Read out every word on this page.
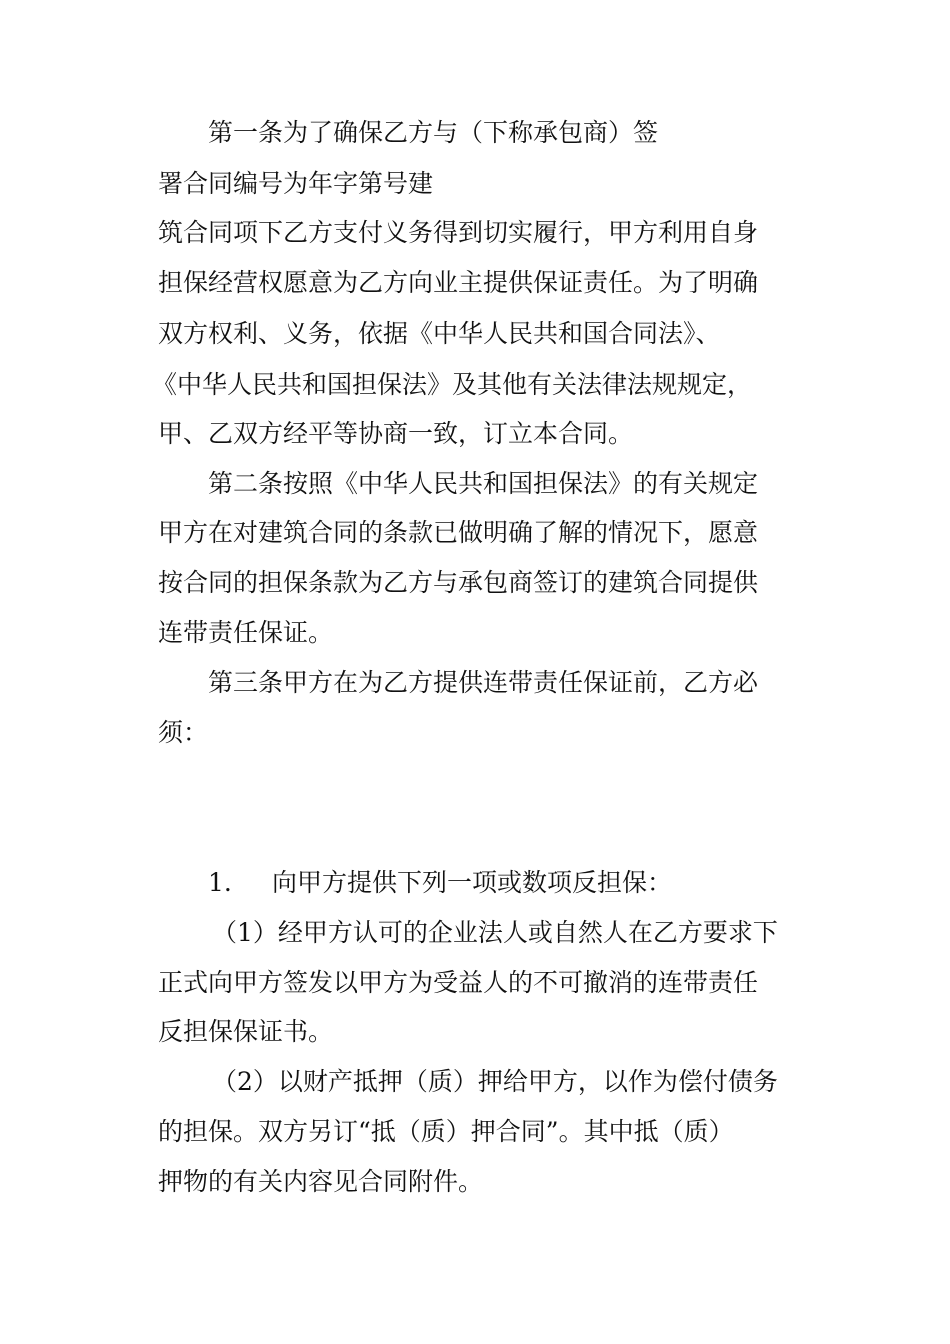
第一条为了确保乙方与（下称承包商）签
署合同编号为年字第号建
筑合同项下乙方支付义务得到切实履行，甲方利用自身
担保经营权愿意为乙方向业主提供保证责任。为了明确
双方权利、义务，依据《中华人民共和国合同法》、
《中华人民共和国担保法》及其他有关法律法规规定，
甲、乙双方经平等协商一致，订立本合同。
第二条按照《中华人民共和国担保法》的有关规定
甲方在对建筑合同的条款已做明确了解的情况下，愿意
按合同的担保条款为乙方与承包商签订的建筑合同提供
连带责任保证。
第三条甲方在为乙方提供连带责任保证前，乙方必
须：
1. 向甲方提供下列一项或数项反担保：
（1）经甲方认可的企业法人或自然人在乙方要求下
正式向甲方签发以甲方为受益人的不可撤消的连带责任
反担保保证书。
（2）以财产抵押（质）押给甲方，以作为偿付债务
的担保。双方另订“抵（质）押合同”。其中抵（质）
押物的有关内容见合同附件。
